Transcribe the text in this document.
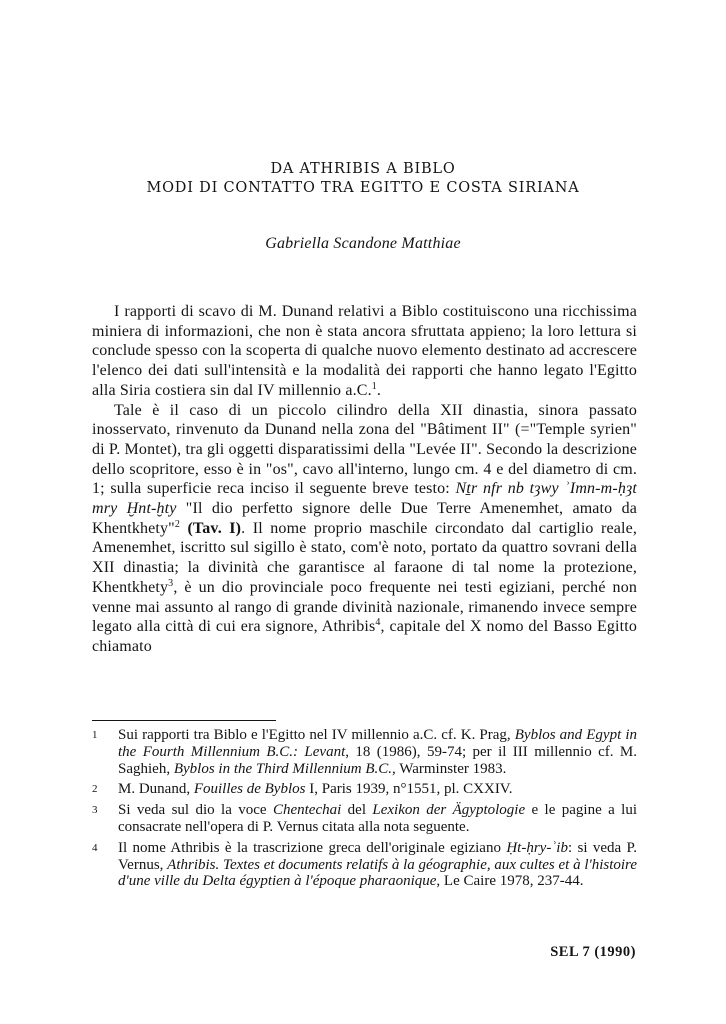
DA ATHRIBIS A BIBLO
MODI DI CONTATTO TRA EGITTO E COSTA SIRIANA
Gabriella Scandone Matthiae

I rapporti di scavo di M. Dunand relativi a Biblo costituiscono una ricchissima miniera di informazioni, che non è stata ancora sfruttata appieno; la loro lettura si conclude spesso con la scoperta di qualche nuovo elemento destinato ad accrescere l'elenco dei dati sull'intensità e la modalità dei rapporti che hanno legato l'Egitto alla Siria costiera sin dal IV millennio a.C.$^1$.

Tale è il caso di un piccolo cilindro della XII dinastia, sinora passato inosservato, rinvenuto da Dunand nella zona del "Bâtiment II" (="Temple syrien" di P. Montet), tra gli oggetti disparatissimi della "Levée II". Secondo la descrizione dello scopritore, esso è in "os", cavo all'interno, lungo cm. 4 e del diametro di cm. 1; sulla superficie reca inciso il seguente breve testo: Nṯr nfr nb tȝwy ʾImn-m-ḥȝt mry Ḫnt-ḫty "Il dio perfetto signore delle Due Terre Amenemhet, amato da Khentkhety"$^2$ (Tav. I). Il nome proprio maschile circondato dal cartiglio reale, Amenemhet, iscritto sul sigillo è stato, com'è noto, portato da quattro sovrani della XII dinastia; la divinità che garantisce al faraone di tal nome la protezione, Khentkhety$^3$, è un dio provinciale poco frequente nei testi egiziani, perché non venne mai assunto al rango di grande divinità nazionale, rimanendo invece sempre legato alla città di cui era signore, Athribis$^4$, capitale del X nomo del Basso Egitto chiamato

1 Sui rapporti tra Biblo e l'Egitto nel IV millennio a.C. cf. K. Prag, Byblos and Egypt in the Fourth Millennium B.C.: Levant, 18 (1986), 59-74; per il III millennio cf. M. Saghieh, Byblos in the Third Millennium B.C., Warminster 1983.
2 M. Dunand, Fouilles de Byblos I, Paris 1939, n°1551, pl. CXXIV.
3 Si veda sul dio la voce Chentechai del Lexikon der Ägyptologie e le pagine a lui consacrate nell'opera di P. Vernus citata alla nota seguente.
4 Il nome Athribis è la trascrizione greca dell'originale egiziano Ḥt-ḥry-ʾib: si veda P. Vernus, Athribis. Textes et documents relatifs à la géographie, aux cultes et à l'histoire d'une ville du Delta égyptien à l'époque pharaonique, Le Caire 1978, 237-44.
SEL 7 (1990)
